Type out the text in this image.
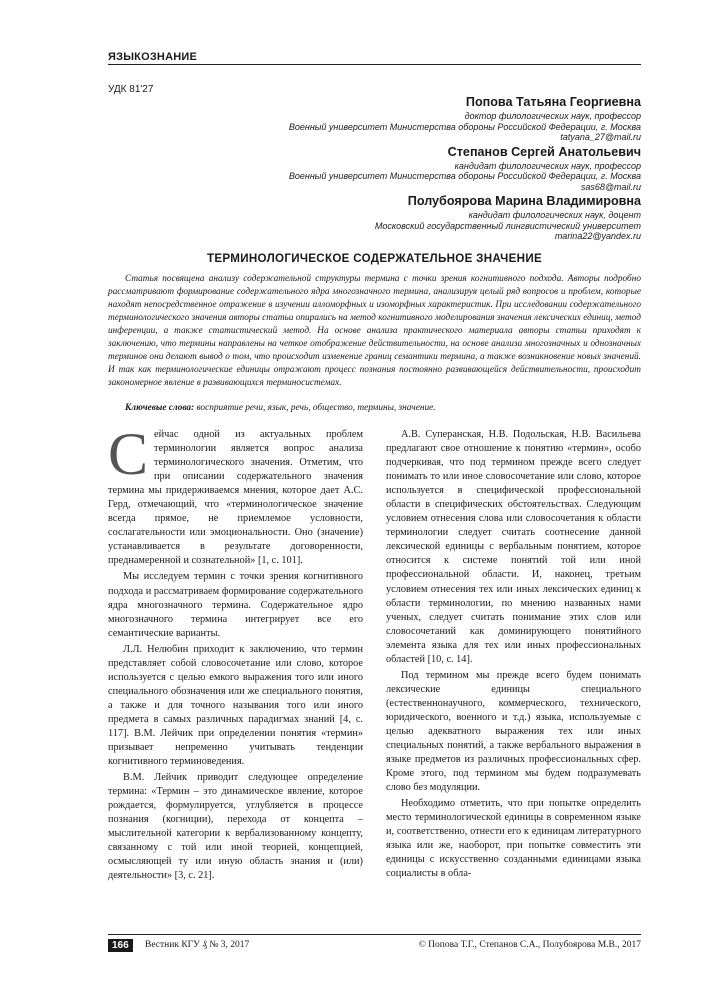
ЯЗЫКОЗНАНИЕ
УДК 81'27
Попова Татьяна Георгиевна
доктор филологических наук, профессор
Военный университет Министерства обороны Российской Федерации, г. Москва
tatyana_27@mail.ru
Степанов Сергей Анатольевич
кандидат филологических наук, профессор
Военный университет Министерства обороны Российской Федерации, г. Москва
sas68@mail.ru
Полубоярова Марина Владимировна
кандидат филологических наук, доцент
Московский государственный лингвистический университет
marina22@yandex.ru
ТЕРМИНОЛОГИЧЕСКОЕ СОДЕРЖАТЕЛЬНОЕ ЗНАЧЕНИЕ
Статья посвящена анализу содержательной структуры термина с точки зрения когнитивного подхода. Авторы подробно рассматривают формирование содержательного ядра многозначного термина, анализируя целый ряд вопросов и проблем, которые находят непосредственное отражение в изучении алломорфных и изоморфных характеристик. При исследовании содержательного терминологического значения авторы статьи опирались на метод когнитивного моделирования значения лексических единиц, метод инференции, а также статистический метод. На основе анализа практического материала авторы статьи приходят к заключению, что термины направлены на четкое отображение действительности, на основе анализа многозначных и однозначных терминов они делают вывод о том, что происходит изменение границ семантики термина, а также возникновение новых значений. И так как терминологические единицы отражают процесс познания постоянно развивающейся действительности, происходит закономерное явление в развивающихся терминосистемах.
Ключевые слова: восприятие речи, язык, речь, общество, термины, значение.

Сейчас одной из актуальных проблем терминологии является вопрос анализа терминологического значения. Отметим, что при описании содержательного значения термина мы придерживаемся мнения, которое дает А.С. Герд, отмечающий, что «терминологическое значение всегда прямое, не приемлемое условности, сослагательности или эмоциональности. Оно (значение) устанавливается в результате договоренности, преднамеренной и сознательной» [1, с. 101].

Мы исследуем термин с точки зрения когнитивного подхода и рассматриваем формирование содержательного ядра многозначного термина. Содержательное ядро многозначного термина интегрирует все его семантические варианты.

Л.Л. Нелюбин приходит к заключению, что термин представляет собой словосочетание или слово, которое используется с целью емкого выражения того или иного специального обозначения или же специального понятия, а также и для точного называния того или иного предмета в самых различных парадигмах знаний [4, с. 117]. В.М. Лейчик при определении понятия «термин» призывает непременно учитывать тенденции когнитивного терминоведения.

В.М. Лейчик приводит следующее определение термина: «Термин – это динамическое явление, которое рождается, формулируется, углубляется в процессе познания (когниции), перехода от концепта – мыслительной категории к вербализованному концепту, связанному с той или иной теорией, концепцией, осмысляющей ту или иную область знания и (или) деятельности» [3, с. 21].

А.В. Суперанская, Н.В. Подольская, Н.В. Васильева предлагают свое отношение к понятию «термин», особо подчеркивая, что под термином прежде всего следует понимать то или иное словосочетание или слово, которое используется в специфической профессиональной области в специфических обстоятельствах. Следующим условием отнесения слова или словосочетания к области терминологии следует считать соотнесение данной лексической единицы с вербальным понятием, которое относится к системе понятий той или иной профессиональной области. И, наконец, третьим условием отнесения тех или иных лексических единиц к области терминологии, по мнению названных нами ученых, следует считать понимание этих слов или словосочетаний как доминирующего понятийного элемента языка для тех или иных профессиональных областей [10, с. 14].

Под термином мы прежде всего будем понимать лексические единицы специального (естественнонаучного, коммерческого, технического, юридического, военного и т.д.) языка, используемые с целью адекватного выражения тех или иных специальных понятий, а также вербального выражения в языке предметов из различных профессиональных сфер. Кроме этого, под термином мы будем подразумевать слово без модуляции.

Необходимо отметить, что при попытке определить место терминологической единицы в современном языке и, соответственно, отнести его к единицам литературного языка или же, наоборот, при попытке совместить эти единицы с искусственно созданными единицами языка социалисты в обла-

166	Вестник КГУ ₰ № 3, 2017	© Попова Т.Г., Степанов С.А., Полубоярова М.В., 2017
